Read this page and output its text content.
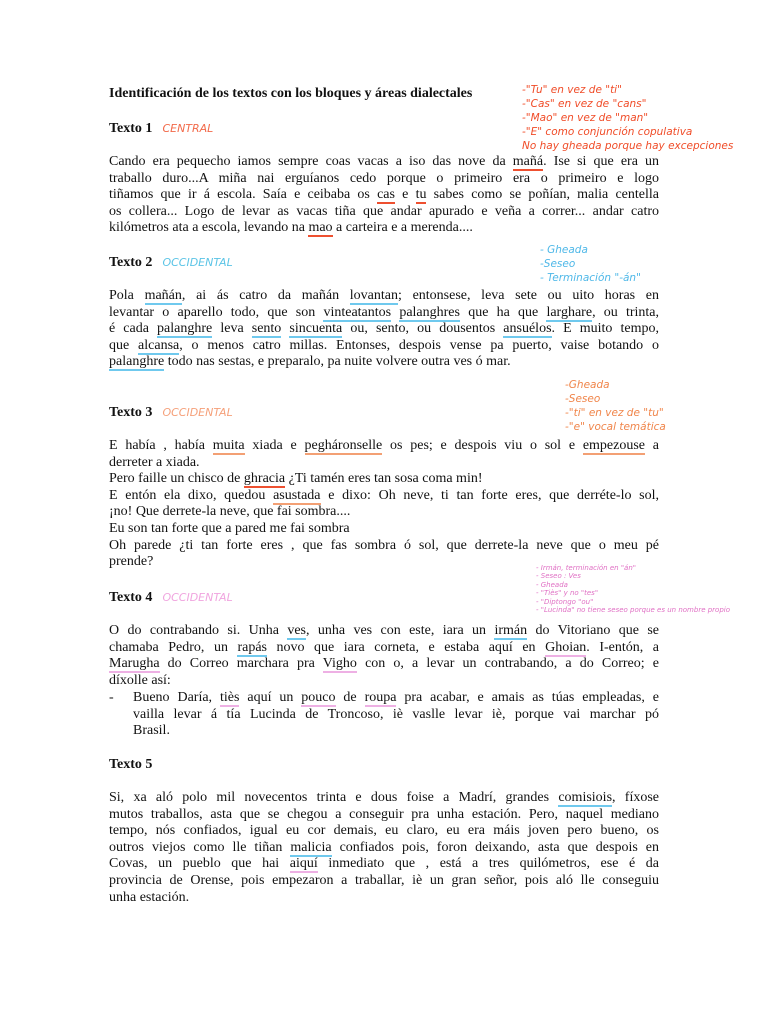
Identificación de los textos con los bloques y áreas dialectales
Texto 1 CENTRAL
Cando era pequecho iamos sempre coas vacas a iso das nove da mañá. Ise si que era un
traballo duro...A miña nai erguíanos cedo porque o primeiro era o primeiro e logo
tiñamos que ir á escola. Saía e ceibaba os cas e tu sabes como se poñían, malia centella
os collera... Logo de levar as vacas tiña que andar apurado e veña a correr... andar catro
kilómetros ata a escola, levando na mao a carteira e a merenda....
Texto 2 OCCIDENTAL
Pola mañán, ai ás catro da mañán lovantan; entonsese, leva sete ou uito horas en
levantar o aparello todo, que son vinteatantos palanghres que ha que larghare, ou trinta,
é cada palanghre leva sento sincuenta ou, sento, ou dousentos ansuélos. E muito tempo,
que alcansa, o menos catro millas. Entonses, despois vense pa puerto, vaise botando o
palanghre todo nas sestas, e preparalo, pa nuite volvere outra ves ó mar.
Texto 3 OCCIDENTAL
E había , había muita xiada e pegháronselle os pes; e despois viu o sol e empezouse a
derreter a xiada.
Pero faille un chisco de ghracia ¿Ti tamén eres tan sosa coma min!
E entón ela dixo, quedou asustada e dixo: Oh neve, ti tan forte eres, que derréte-lo sol,
¡no! Que derrete-la neve, que fai sombra....
Eu son tan forte que a pared me fai sombra
Oh parede ¿ti tan forte eres , que fas sombra ó sol, que derrete-la neve que o meu pé
prende?
Texto 4 OCCIDENTAL
O do contrabando si. Unha ves, unha ves con este, iara un irmán do Vitoriano que se
chamaba Pedro, un rapás novo que iara corneta, e estaba aquí en Ghoian. I-entón, a
Marugha do Correo marchara pra Vigho con o, a levar un contrabando, a do Correo; e
díxolle así:
- Bueno Daría, tiès aquí un pouco de roupa pra acabar, e amais as túas empleadas, e
vailla levar á tía Lucinda de Troncoso, iè vaslle levar iè, porque vai marchar pó
Brasil.
Texto 5
Si, xa aló polo mil novecentos trinta e dous foise a Madrí, grandes comisiois, fíxose
mutos traballos, asta que se chegou a conseguir pra unha estación. Pero, naquel mediano
tempo, nós confiados, igual eu cor demais, eu claro, eu era máis joven pero bueno, os
outros viejos como lle tiñan malicia confiados pois, foron deixando, asta que despois en
Covas, un pueblo que hai aiquí inmediato que , está a tres quilómetros, ese é da
provincia de Orense, pois empezaron a traballar, iè un gran señor, pois aló lle conseguiu
unha estación.
-"Tu" en vez de "ti"
-"Cas" en vez de "cans"
-"Mao" en vez de "man"
-"E" como conjunción copulativa
No hay gheada porque hay excepciones
- Gheada
-Seseo
- Terminación "-án"
-Gheada
-Seseo
-"ti" en vez de "tu"
-"e" vocal temática
- Irmán, terminación en "án"
- Seseo : Ves
- Gheada
- "Tiès" y no "tes"
- "Diptongo "ou"
- "Lucinda" no tiene seseo porque es un nombre propio
